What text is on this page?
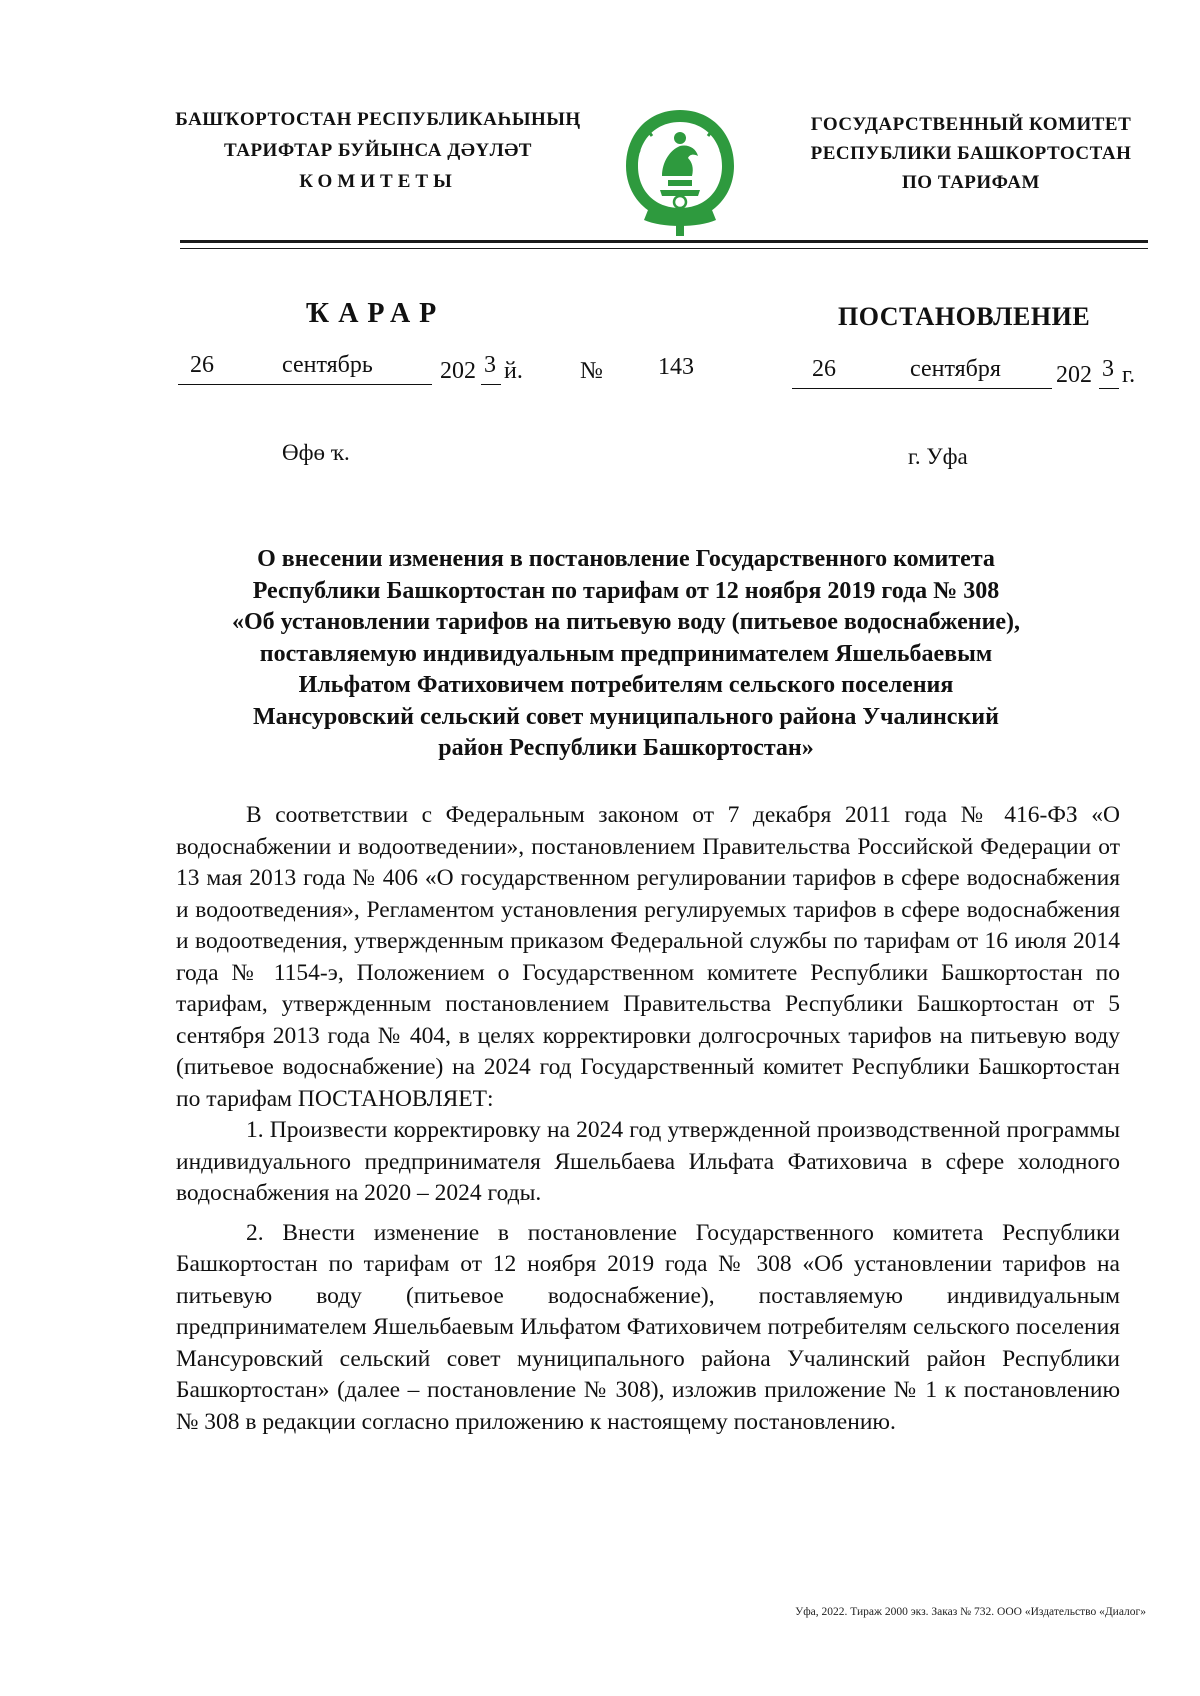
БАШҠОРТОСТАН РЕСПУБЛИКАҺЫНЫҢ
ТАРИФТАР БУЙЫНСА ДӘҮЛӘТ
КОМИТЕТЫ
ГОСУДАРСТВЕННЫЙ КОМИТЕТ
РЕСПУБЛИКИ БАШКОРТОСТАН
ПО ТАРИФАМ
ҠАРАР	ПОСТАНОВЛЕНИЕ
26	сентябрь	202 3 й. № 143	26	сентября 202 3 г.
Өфө ҡ.	г. Уфа
О внесении изменения в постановление Государственного комитета
Республики Башкортостан по тарифам от 12 ноября 2019 года № 308
«Об установлении тарифов на питьевую воду (питьевое водоснабжение),
поставляемую индивидуальным предпринимателем Яшельбаевым
Ильфатом Фатиховичем потребителям сельского поселения
Мансуровский сельский совет муниципального района Учалинский
район Республики Башкортостан»

В соответствии с Федеральным законом от 7 декабря 2011 года № 416-ФЗ «О водоснабжении и водоотведении», постановлением Правительства Российской Федерации от 13 мая 2013 года № 406 «О государственном регулировании тарифов в сфере водоснабжения и водоотведения», Регламентом установления регулируемых тарифов в сфере водоснабжения и водоотведения, утвержденным приказом Федеральной службы по тарифам от 16 июля 2014 года № 1154-э, Положением о Государственном комитете Республики Башкортостан по тарифам, утвержденным постановлением Правительства Республики Башкортостан от 5 сентября 2013 года № 404, в целях корректировки долгосрочных тарифов на питьевую воду (питьевое водоснабжение) на 2024 год Государственный комитет Республики Башкортостан по тарифам ПОСТАНОВЛЯЕТ:

1. Произвести корректировку на 2024 год утвержденной производственной программы индивидуального предпринимателя Яшельбаева Ильфата Фатиховича в сфере холодного водоснабжения на 2020 – 2024 годы.

2. Внести изменение в постановление Государственного комитета Республики Башкортостан по тарифам от 12 ноября 2019 года № 308 «Об установлении тарифов на питьевую воду (питьевое водоснабжение), поставляемую индивидуальным предпринимателем Яшельбаевым Ильфатом Фатиховичем потребителям сельского поселения Мансуровский сельский совет муниципального района Учалинский район Республики Башкортостан» (далее – постановление № 308), изложив приложение № 1 к постановлению № 308 в редакции согласно приложению к настоящему постановлению.

Уфа, 2022. Тираж 2000 экз. Заказ № 732. ООО «Издательство «Диалог»
